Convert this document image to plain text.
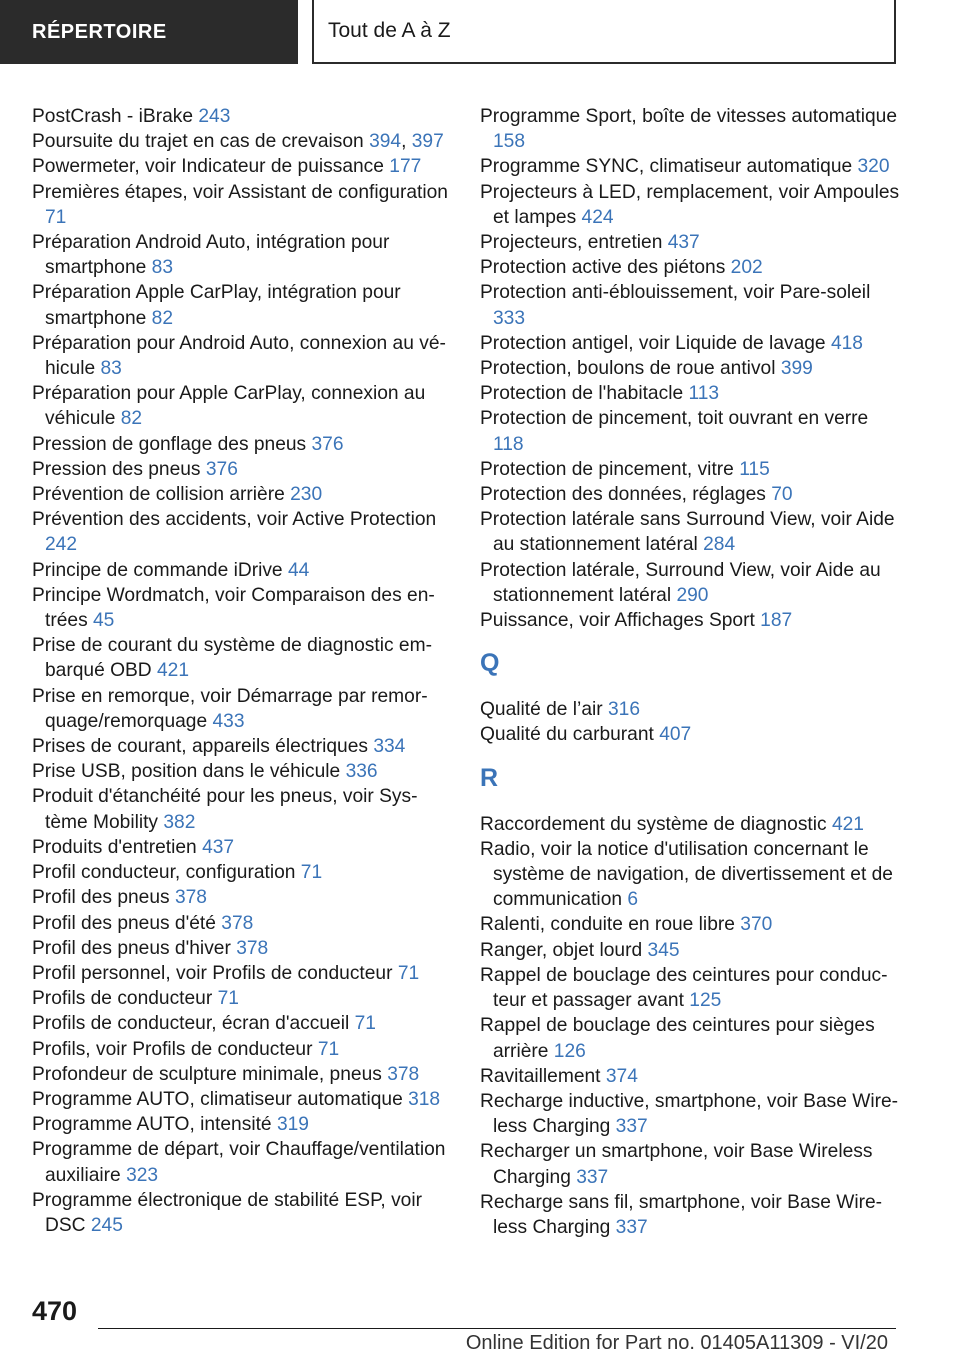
RÉPERTOIRE	Tout de A à Z

PostCrash - iBrake 243

Poursuite du trajet en cas de crevaison 394, 397

Powermeter, voir Indicateur de puissance 177

Premières étapes, voir Assistant de configuration 71

Préparation Android Auto, intégration pour smartphone 83

Préparation Apple CarPlay, intégration pour smartphone 82

Préparation pour Android Auto, connexion au véhicule 83

Préparation pour Apple CarPlay, connexion au véhicule 82

Pression de gonflage des pneus 376

Pression des pneus 376

Prévention de collision arrière 230

Prévention des accidents, voir Active Protection 242

Principe de commande iDrive 44

Principe Wordmatch, voir Comparaison des entrées 45

Prise de courant du système de diagnostic embarqué OBD 421

Prise en remorque, voir Démarrage par remorquage/remorquage 433

Prises de courant, appareils électriques 334

Prise USB, position dans le véhicule 336

Produit d'étanchéité pour les pneus, voir Système Mobility 382

Produits d'entretien 437

Profil conducteur, configuration 71

Profil des pneus 378

Profil des pneus d'été 378

Profil des pneus d'hiver 378

Profil personnel, voir Profils de conducteur 71

Profils de conducteur 71

Profils de conducteur, écran d'accueil 71

Profils, voir Profils de conducteur 71

Profondeur de sculpture minimale, pneus 378

Programme AUTO, climatiseur automatique 318

Programme AUTO, intensité 319

Programme de départ, voir Chauffage/ventilation auxiliaire 323

Programme électronique de stabilité ESP, voir DSC 245

Programme Sport, boîte de vitesses automatique 158

Programme SYNC, climatiseur automatique 320

Projecteurs à LED, remplacement, voir Ampoules et lampes 424

Projecteurs, entretien 437

Protection active des piétons 202

Protection anti-éblouissement, voir Pare-soleil 333

Protection antigel, voir Liquide de lavage 418

Protection, boulons de roue antivol 399

Protection de l'habitacle 113

Protection de pincement, toit ouvrant en verre 118

Protection de pincement, vitre 115

Protection des données, réglages 70

Protection latérale sans Surround View, voir Aide au stationnement latéral 284

Protection latérale, Surround View, voir Aide au stationnement latéral 290

Puissance, voir Affichages Sport 187

Q

Qualité de l’air 316

Qualité du carburant 407

R

Raccordement du système de diagnostic 421

Radio, voir la notice d'utilisation concernant le système de navigation, de divertissement et de communication 6

Ralenti, conduite en roue libre 370

Ranger, objet lourd 345

Rappel de bouclage des ceintures pour conducteur et passager avant 125

Rappel de bouclage des ceintures pour sièges arrière 126

Ravitaillement 374

Recharge inductive, smartphone, voir Base Wireless Charging 337

Recharger un smartphone, voir Base Wireless Charging 337

Recharge sans fil, smartphone, voir Base Wireless Charging 337

470
Online Edition for Part no. 01405A11309 - VI/20
